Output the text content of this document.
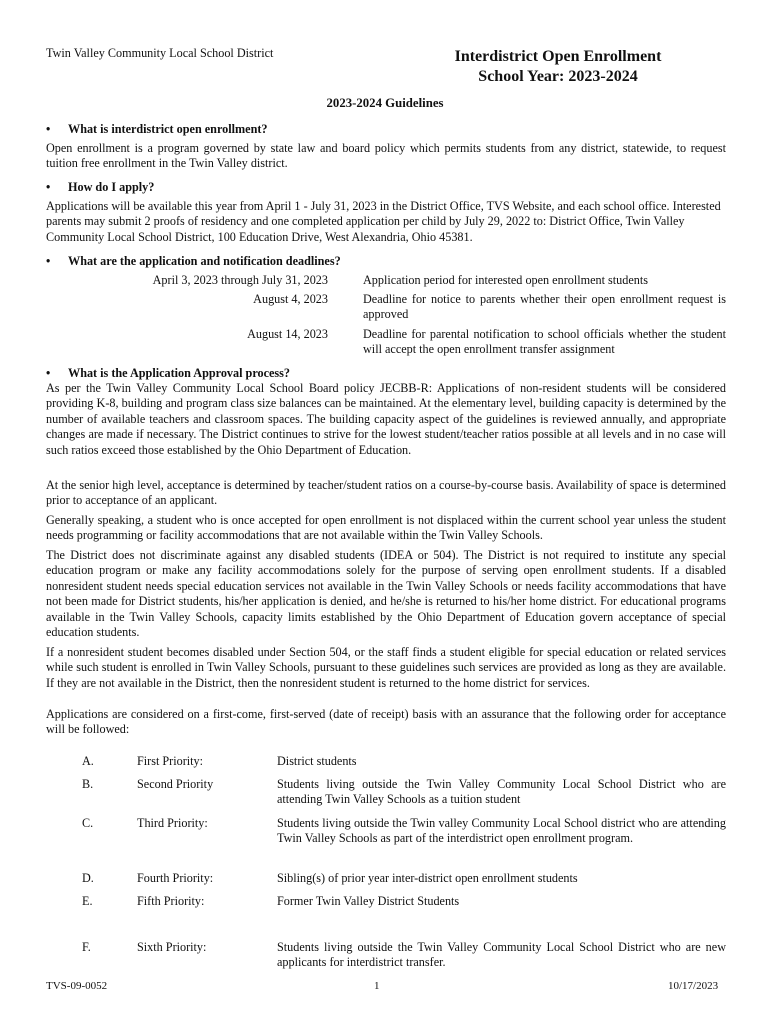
Twin Valley Community Local School District	Interdistrict Open Enrollment
School Year: 2023-2024
2023-2024 Guidelines
• What is interdistrict open enrollment?
Open enrollment is a program governed by state law and board policy which permits students from any district, statewide, to request tuition free enrollment in the Twin Valley district.
• How do I apply?
Applications will be available this year from April 1 - July 31, 2023 in the District Office, TVS Website, and each school office. Interested parents may submit 2 proofs of residency and one completed application per child by July 29, 2022 to: District Office, Twin Valley Community Local School District, 100 Education Drive, West Alexandria, Ohio 45381.
• What are the application and notification deadlines?
April 3, 2023 through July 31, 2023	Application period for interested open enrollment students
August 4, 2023	Deadline for notice to parents whether their open enrollment request is approved
August 14, 2023	Deadline for parental notification to school officials whether the student will accept the open enrollment transfer assignment
• What is the Application Approval process?
As per the Twin Valley Community Local School Board policy JECBB-R: Applications of non-resident students will be considered providing K-8, building and program class size balances can be maintained. At the elementary level, building capacity is determined by the number of available teachers and classroom spaces. The building capacity aspect of the guidelines is reviewed annually, and appropriate changes are made if necessary. The District continues to strive for the lowest student/teacher ratios possible at all levels and in no case will such ratios exceed those established by the Ohio Department of Education.
At the senior high level, acceptance is determined by teacher/student ratios on a course-by-course basis. Availability of space is determined prior to acceptance of an applicant.
Generally speaking, a student who is once accepted for open enrollment is not displaced within the current school year unless the student needs programming or facility accommodations that are not available within the Twin Valley Schools.
The District does not discriminate against any disabled students (IDEA or 504). The District is not required to institute any special education program or make any facility accommodations solely for the purpose of serving open enrollment students. If a disabled nonresident student needs special education services not available in the Twin Valley Schools or needs facility accommodations that have not been made for District students, his/her application is denied, and he/she is returned to his/her home district. For educational programs available in the Twin Valley Schools, capacity limits established by the Ohio Department of Education govern acceptance of special education students.
If a nonresident student becomes disabled under Section 504, or the staff finds a student eligible for special education or related services while such student is enrolled in Twin Valley Schools, pursuant to these guidelines such services are provided as long as they are available. If they are not available in the District, then the nonresident student is returned to the home district for services.
Applications are considered on a first-come, first-served (date of receipt) basis with an assurance that the following order for acceptance will be followed:
A.	First Priority:	District students
B.	Second Priority	Students living outside the Twin Valley Community Local School District who are attending Twin Valley Schools as a tuition student
C.	Third Priority:	Students living outside the Twin valley Community Local School district who are attending Twin Valley Schools as part of the interdistrict open enrollment program.
D.	Fourth Priority:	Sibling(s) of prior year inter-district open enrollment students
E.	Fifth Priority:	Former Twin Valley District Students
F.	Sixth Priority:	Students living outside the Twin Valley Community Local School District who are new applicants for interdistrict transfer.
TVS-09-0052	1	10/17/2023
